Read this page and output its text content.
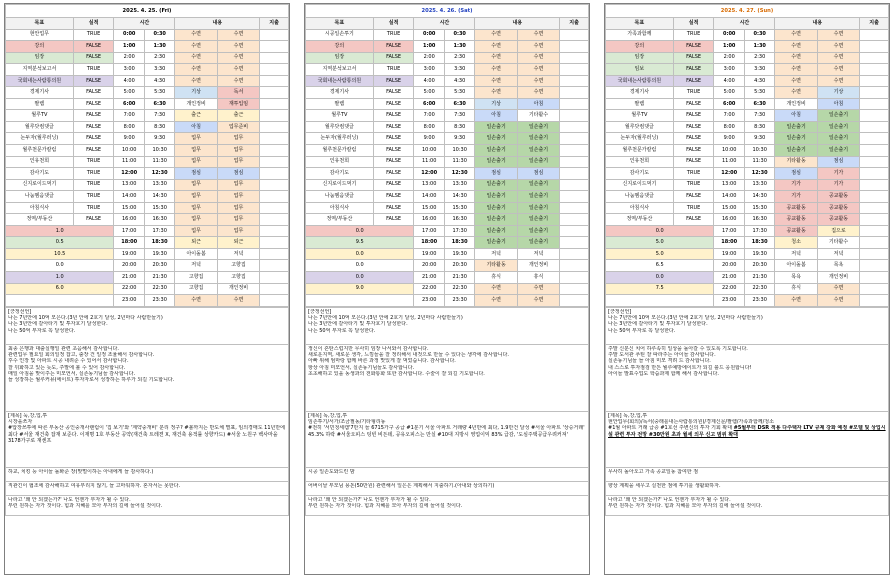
2025. 4. 25. (Fri)						
목표	실적	시간		내용		지출
현안업무	TRUE	0:00	0:30	수면	수면	
강의	FALSE	1:00	1:30	수면	수면	
임장	FALSE	2:00	2:30	수면	수면	
지역분석보고서	TRUE	3:00	3:30	수면	수면	
국회내는사람통의원	FALSE	4:00	4:30	수면	수면	
경제기사	FALSE	5:00	5:30	기상	독서	
팔렘	FALSE	6:00	6:30	개인정비	재투입임	
월루TV	FALSE	7:00	7:30	출근	출근	
월루닷컴댓글	FALSE	8:00	8:30	아침	업무준비	
논두자(월루러닝)	FALSE	9:00	9:30	업무	업무	
월루천문가칼럼	FALSE	10:00	10:30	업무	업무	
인유천희	TRUE	11:00	11:30	업무	업무	
감사기도	TRUE	12:00	12:30	점심	점심	
신지로이드먹기	TRUE	13:00	13:30	업무	업무	
나눔멤음댓글	TRUE	14:00	14:30	업무	업무	
아침식사	TRUE	15:00	15:30	업무	업무	
정역/부동산	FALSE	16:00	16:30	업무	업무	
1.0		17:00	17:30	업무	업무	
0.5		18:00	18:30	퇴근	퇴근	
10.5		19:00	19:30	아이돌봄	저녁	
0.0		20:00	20:30	저녁	고향집	
1.0		21:00	21:30	고향집	고향집	
6.0		22:00	22:30	고향집	개인정비	
		23:00	23:30	수면	수면	

[긍정선언]

나는 7년안에 10억 모은다.(3년 안에 2호기 달성, 2년마다 사람만들기)

나는 3년안에 갈아타기 및 투자호기 달성한다.

나는 50억 부자로 꼭 달성한다.

최종 은행과 대출실행일 관련 초음해서 감사합니다.

관련업무 필요일 회의일정 잡고, 출장 건 일정 조율해서 감사합니다.

후수 인장 및 아파트 시공 내려준 수 있어서 감사합니다.

잘 뒤화하고 있는 듯도, 주말에 볼 수 있어 감사합니다.

매일 아침을 맞이주는 미모언서, 실존동기님들 감사합니다.

늘 성장하는 월루커뮤(에이트) 투자자로서 성장하는 하루가 되길 기도합니다.

[제목] 둑,강,업,투

시장을쓰자

#압장쓰투에 따른 부동산 공인중개사랜럼이 '집 보기'와 '계약중개비' 분리 정구? #볼까지는 반도체 별표, 임의경매도 11년만에 최다 #서울 재건축 잡재 보준다. 이재명 1호 부동산 공약(재건축 트레젼 X, 재건축 용적률 상향카드) #서울 노원구 백사마을 3178가구로 재센프

하교, 치킹 등 아이들 돌봐준 장(맞벌이하는 아내에게 늘 감사하다.)

직관긴이 협조에 감사해하고 여유부리지 않기, 늘 고마워하자. 혼자서는 못한다.

나라고 '왜 안 되겠는가?' 나도 언젠가 부자가 될 수 있다.

부런 원하는 자가 것이다. 힘과 지혜를 모아 부자의 길에 들어설 것이다.

2025. 4. 26. (Sat)						
목표	실적	시간		내용		지출
시공일손투기	TRUE	0:00	0:30	수면	수면	
강의	FALSE	1:00	1:30	수면	수면	
임장	FALSE	2:00	2:30	수면	수면	
지역분석보고서	TRUE	3:00	3:30	수면	수면	
국회내는사람통의원	FALSE	4:00	4:30	수면	수면	
경제기사	FALSE	5:00	5:30	수면	수면	
팔렘	FALSE	6:00	6:30	기상	아침	
월루TV	FALSE	7:00	7:30	아침	기타활수	
월루닷컴댓글	FALSE	8:00	8:30	일손출기	일손출기	
논두자(월루러닝)	FALSE	9:00	9:30	일손출기	일손출기	
월루천문가칼럼	FALSE	10:00	10:30	일손출기	일손출기	
인유천희	FALSE	11:00	11:30	일손출기	일손출기	
감사기도	FALSE	12:00	12:30	점심	점심	
신지로이드먹기	FALSE	13:00	13:30	일손출기	일손출기	
나눔멤음댓글	FALSE	14:00	14:30	일손출기	일손출기	
아침식사	FALSE	15:00	15:30	일손출기	일손출기	
정역/부동산	FALSE	16:00	16:30	일손출기	일손출기	
0.0		17:00	17:30	일손출기	일손출기	
9.5		18:00	18:30	일손출기	일손출기	
0.0		19:00	19:30	저녁	저녁	
0.0		20:00	20:30	기타활동	개인정비	
0.0		21:00	21:30	휴식	휴식	
9.0		22:00	22:30	수면	수면	
		23:00	23:30	수면	수면	

[긍정선언]

나는 7년안에 10억 모은다.(3년 안에 2호기 달성, 2년마다 사람만들기)

나는 3년안에 갈아타기 및 투자호기 달성한다.

나는 50억 부자로 꼭 달성한다.

정신이 흔탄스럽지만 무사히 임장 나서와서 감사합니다.

새로운지역, 새로운 생각, 느낌들을 잘 정리해서 내것으로 만들 수 있다는 생각에 감사합니다.

아빠 위해 엄마랑 함께 바른 과정 맛있게 잘 먹었습니다. 감사합니다.

항상 아침 미모언서, 실존동기님들도 감사합니다.

초초해하고 있을 동생과의 전화통화 또한 감사합니다. 수술이 잘 되길 기도합니다.

[제목] 독,강,업,투

임손투기/서가/조금필동/기타형리동

#전히 '서민청세캠'7만지 들 6715가구 공급 #1분기 서울 아파트 거래량 4년만에 최다, 1.9만건 달성 #서울 아파트 '상승거래' 45.3% 하락 #서울오피스 텅빈 비든데, 공유오피스는 만실 #10대 지방시 영업이익 83% 급감, '도심주택공급우려커져'

시공 일손도와드린 밤

어버이날 부모님 용돈(50만원) 관련해서 일은은 계획해서 지출하기.(아내와 상의하기)

나라고 '왜 안 되겠는가?' 나도 언젠가 부자가 될 수 있다.

부런 원하는 자가 것이다. 힘과 지혜를 모아 부자의 길에 들어설 것이다.

2025. 4. 27. (Sun)						
목표	실적	시간		내용		지출
가족과함께	TRUE	0:00	0:30	수면	수면	
강의	FALSE	1:00	1:30	수면	수면	
임장	FALSE	2:00	2:30	수면	수면	
임보	FALSE	3:00	3:30	수면	수면	
국회내는사람통의원	FALSE	4:00	4:30	수면	수면	
경제기사	TRUE	5:00	5:30	수면	기상	
팔렘	FALSE	6:00	6:30	개인정비	아침	
월루TV	FALSE	7:00	7:30	아침	일손출기	
월루닷컴댓글	FALSE	8:00	8:30	일손출기	일손출기	
논두자(월루러닝)	FALSE	9:00	9:30	일손출기	일손출기	
월루천문가칼럼	FALSE	10:00	10:30	일손출기	일손출기	
인유천희	FALSE	11:00	11:30	기타활동	점심	
감사기도	TRUE	12:00	12:30	점심	기가	
신지로이드먹기	TRUE	13:00	13:30	기가	기가	
나눔멤음댓글	FALSE	14:00	14:30	기가	공교활동	
아침식사	TRUE	15:00	15:30	공교활동	공교활동	
정역/부동산	FALSE	16:00	16:30	공교활동	공교활동	
0.0		17:00	17:30	공교활동	집으로	
5.0		18:00	18:30	청소	기타활수	
5.0		19:00	19:30	저녁	저녁	
6.5		20:00	20:30	아이돌봄	목욕	
0.0		21:00	21:30	목욕	개인정비	
7.5		22:00	22:30	휴식	수면	
		23:00	23:30	수면	수면	

[긍정선언]

나는 7년안에 10억 모은다.(3년 안에 2호기 달성, 2년마다 사람만들기)

나는 3년안에 갈아타기 및 투자호기 달성한다.

나는 50억 부자로 꼭 달성한다.

주말 신분신 치어 하루속히 일상을 돌아갈 수 있도록 기도합니다.

주말 도서관 푸틴 잘 따라주는 아이들 감사합니다.

실존동기님들 늘 아침 미모 격려 드 감사합니다.

내 스스로 투자점검 만든 월루예방에이트가 되길 블드 응원합니다!

아이들 발표수업도 학습과제 함께 해서 감사합니다.

[제목] 독,강,업,투

현안업무(회의)/독서(중래를내는사람통의원)/경제신문/팔렘/가족과함께/청소

#1월 아파트 거래 급증 #1호선 주변신의 투자 기회 확대 #5월부터 DSR 적용 다주택자 LTV 규제 강화 예정 #모텔 및 상업시설 관련 투자 전망 #30만원 초과 월세 의무 신고 범위 확대

무사히 돌아오고 가족 공교일동 참여한 점

향상 계획을 세우고 실천한 점에 투기를 생활화하자.

나라고 '왜 안 되겠는가?' 나도 언젠가 부자가 될 수 있다.

부런 원하는 자가 것이다. 힘과 지혜를 모아 부자의 길에 들어설 것이다.
